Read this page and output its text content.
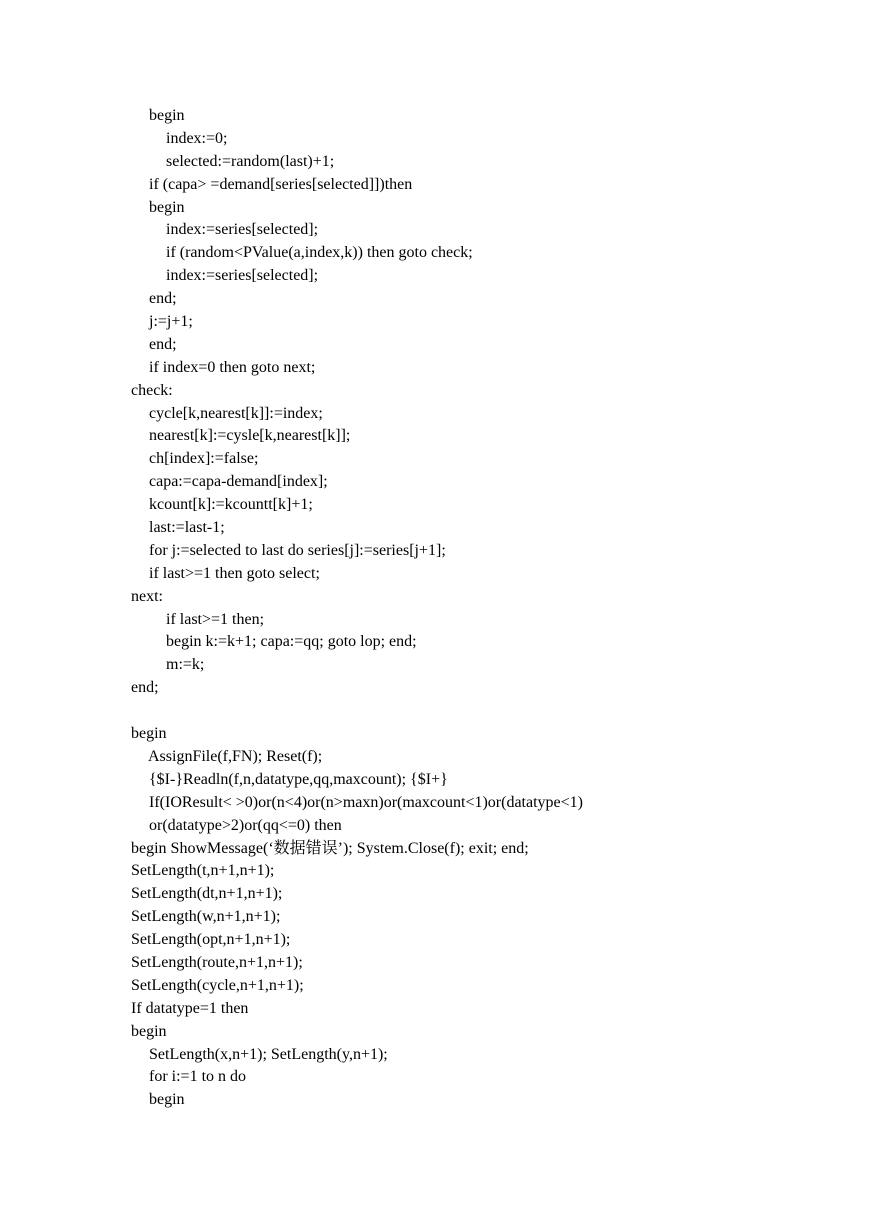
begin
index:=0;
selected:=random(last)+1;
if (capa> =demand[series[selected]])then
begin
index:=series[selected];
if (random<PValue(a,index,k)) then goto check;
index:=series[selected];
end;
j:=j+1;
end;
if index=0 then goto next;
check:
cycle[k,nearest[k]]:=index;
nearest[k]:=cysle[k,nearest[k]];
ch[index]:=false;
capa:=capa-demand[index];
kcount[k]:=kcountt[k]+1;
last:=last-1;
for j:=selected to last do series[j]:=series[j+1];
if last>=1 then goto select;
next:
if last>=1 then;
begin k:=k+1; capa:=qq; goto lop; end;
m:=k;
end;
begin
AssignFile(f,FN); Reset(f);
{$I-}Readln(f,n,datatype,qq,maxcount); {$I+}
If(IOResult< >0)or(n<4)or(n>maxn)or(maxcount<1)or(datatype<1)
or(datatype>2)or(qq<=0) then
begin ShowMessage(‘数据错误’); System.Close(f); exit; end;
SetLength(t,n+1,n+1);
SetLength(dt,n+1,n+1);
SetLength(w,n+1,n+1);
SetLength(opt,n+1,n+1);
SetLength(route,n+1,n+1);
SetLength(cycle,n+1,n+1);
If datatype=1 then
begin
SetLength(x,n+1); SetLength(y,n+1);
for i:=1 to n do
begin
